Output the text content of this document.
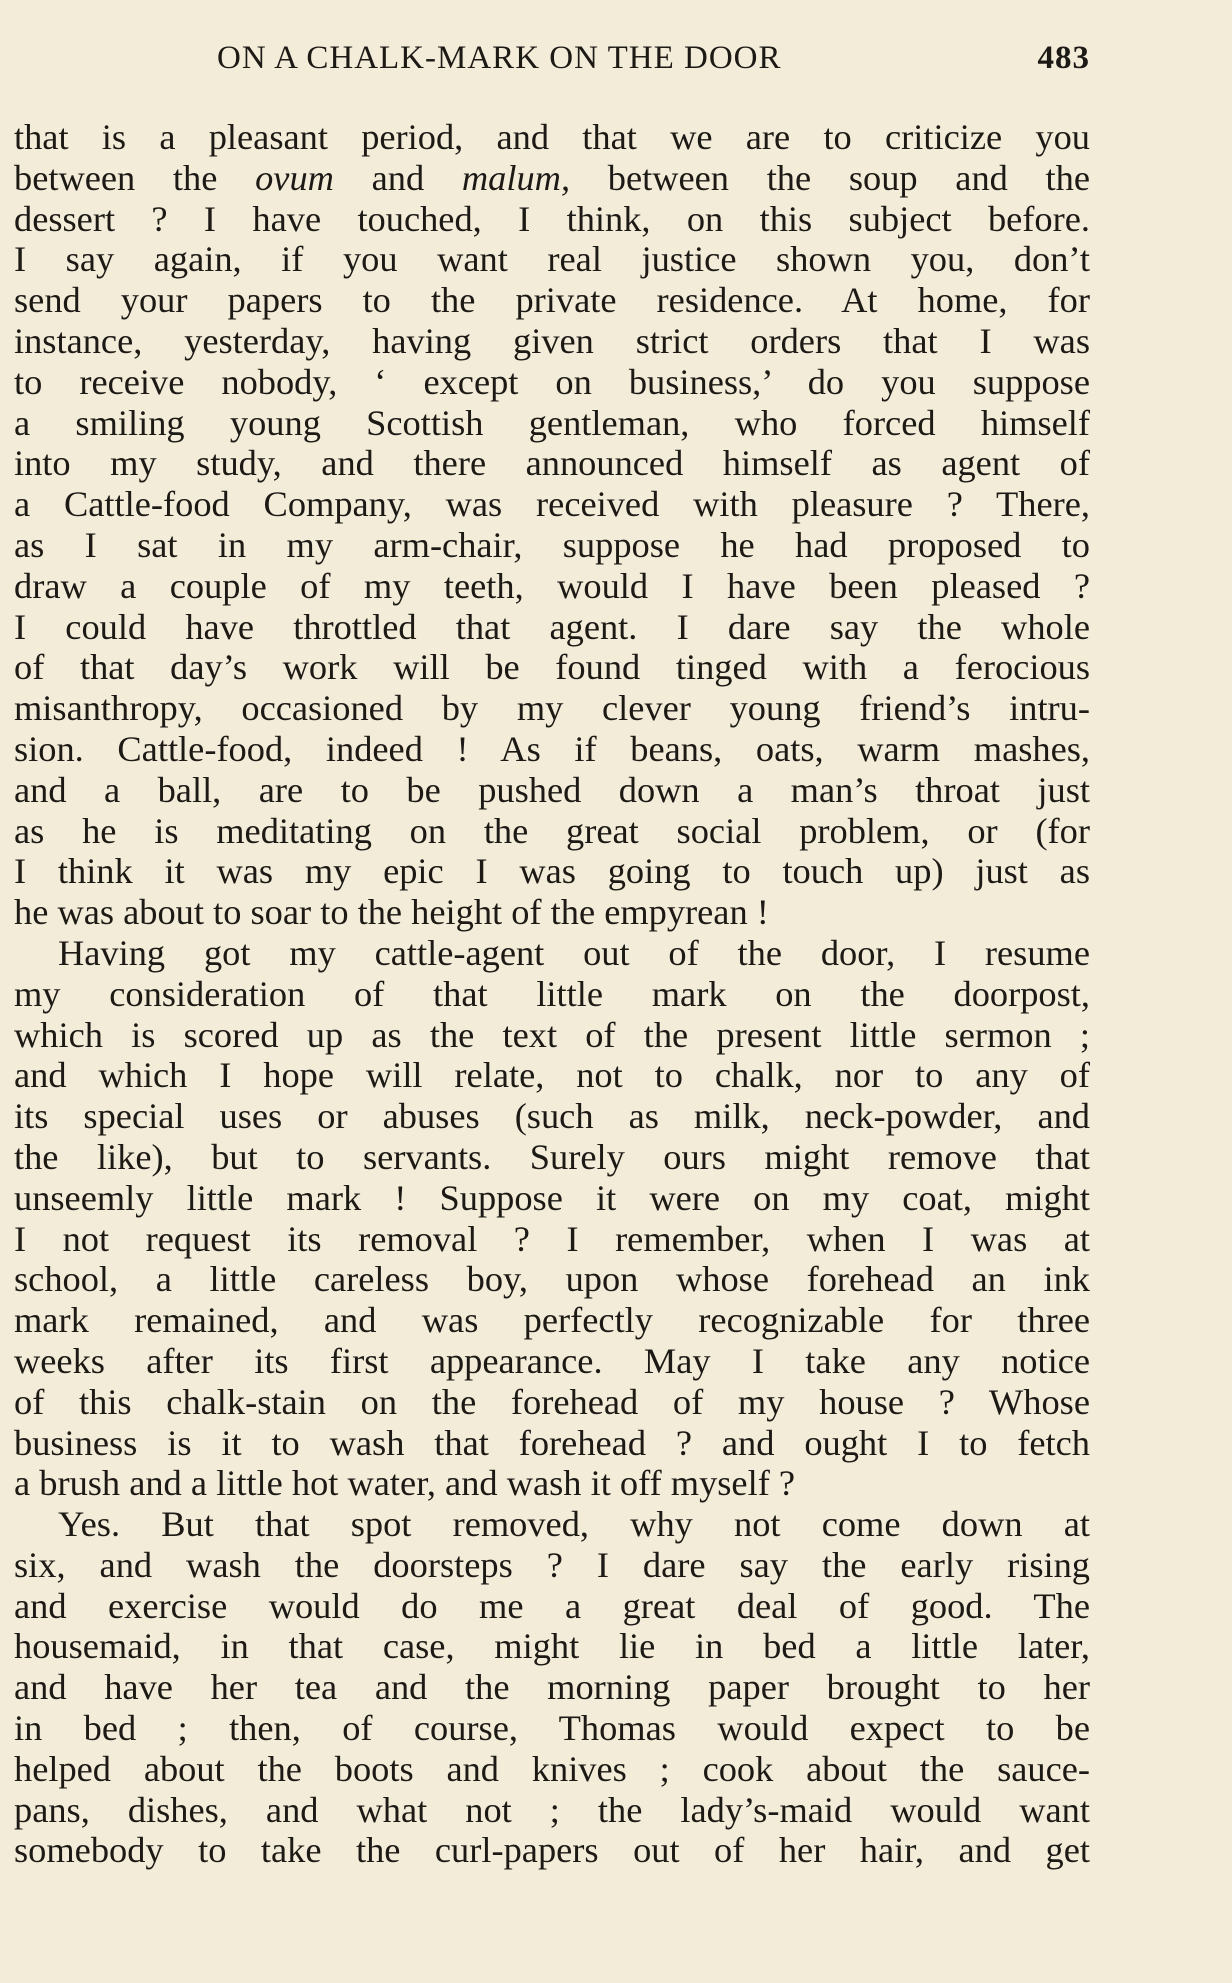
ON A CHALK-MARK ON THE DOOR	483
that is a pleasant period, and that we are to criticize you
between the ovum and malum, between the soup and the
dessert ? I have touched, I think, on this subject before.
I say again, if you want real justice shown you, don’t
send your papers to the private residence. At home, for
instance, yesterday, having given strict orders that I was
to receive nobody, ‘ except on business,’ do you suppose
a smiling young Scottish gentleman, who forced himself
into my study, and there announced himself as agent of
a Cattle-food Company, was received with pleasure ? There,
as I sat in my arm-chair, suppose he had proposed to
draw a couple of my teeth, would I have been pleased ?
I could have throttled that agent. I dare say the whole
of that day’s work will be found tinged with a ferocious
misanthropy, occasioned by my clever young friend’s intru-
sion. Cattle-food, indeed ! As if beans, oats, warm mashes,
and a ball, are to be pushed down a man’s throat just
as he is meditating on the great social problem, or (for
I think it was my epic I was going to touch up) just as
he was about to soar to the height of the empyrean !
Having got my cattle-agent out of the door, I resume
my consideration of that little mark on the doorpost,
which is scored up as the text of the present little sermon ;
and which I hope will relate, not to chalk, nor to any of
its special uses or abuses (such as milk, neck-powder, and
the like), but to servants. Surely ours might remove that
unseemly little mark ! Suppose it were on my coat, might
I not request its removal ? I remember, when I was at
school, a little careless boy, upon whose forehead an ink
mark remained, and was perfectly recognizable for three
weeks after its first appearance. May I take any notice
of this chalk-stain on the forehead of my house ? Whose
business is it to wash that forehead ? and ought I to fetch
a brush and a little hot water, and wash it off myself ?
Yes. But that spot removed, why not come down at
six, and wash the doorsteps ? I dare say the early rising
and exercise would do me a great deal of good. The
housemaid, in that case, might lie in bed a little later,
and have her tea and the morning paper brought to her
in bed ; then, of course, Thomas would expect to be
helped about the boots and knives ; cook about the sauce-
pans, dishes, and what not ; the lady’s-maid would want
somebody to take the curl-papers out of her hair, and get
